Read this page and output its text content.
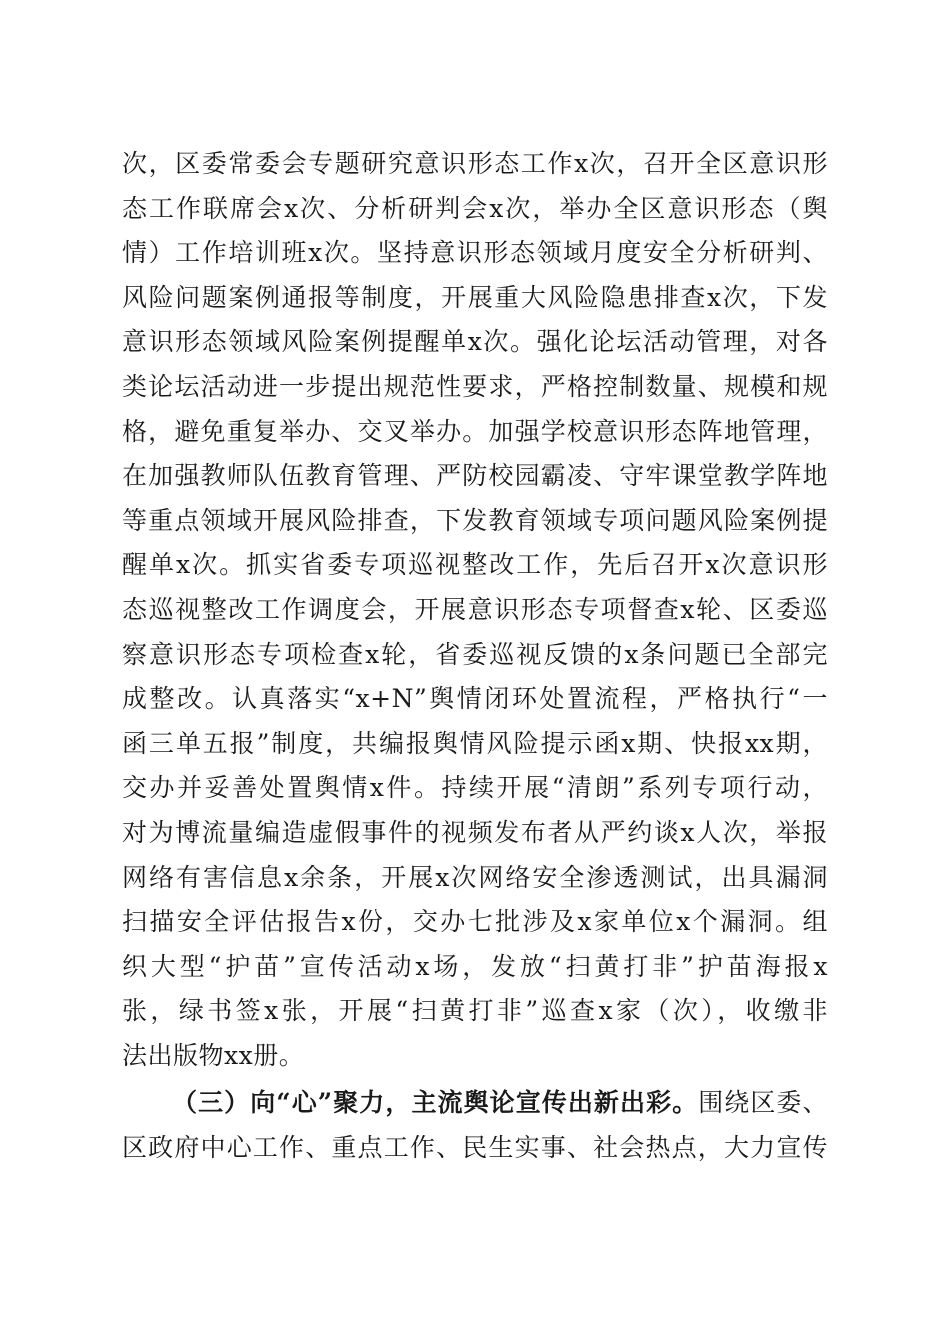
次，区委常委会专题研究意识形态工作x次，召开全区意识形
态工作联席会x次、分析研判会x次，举办全区意识形态（舆
情）工作培训班x次。坚持意识形态领域月度安全分析研判、
风险问题案例通报等制度，开展重大风险隐患排查x次，下发
意识形态领域风险案例提醒单x次。强化论坛活动管理，对各
类论坛活动进一步提出规范性要求，严格控制数量、规模和规
格，避免重复举办、交叉举办。加强学校意识形态阵地管理，
在加强教师队伍教育管理、严防校园霸凌、守牢课堂教学阵地
等重点领域开展风险排查，下发教育领域专项问题风险案例提
醒单x次。抓实省委专项巡视整改工作，先后召开x次意识形
态巡视整改工作调度会，开展意识形态专项督查x轮、区委巡
察意识形态专项检查x轮，省委巡视反馈的x条问题已全部完
成整改。认真落实“x+N”舆情闭环处置流程，严格执行“一
函三单五报”制度，共编报舆情风险提示函x期、快报xx期，
交办并妥善处置舆情x件。持续开展“清朗”系列专项行动，
对为博流量编造虚假事件的视频发布者从严约谈x人次，举报
网络有害信息x余条，开展x次网络安全渗透测试，出具漏洞
扫描安全评估报告x份，交办七批涉及x家单位x个漏洞。组
织大型“护苗”宣传活动x场，发放“扫黄打非”护苗海报x
张，绿书签x张，开展“扫黄打非”巡查x家（次），收缴非
法出版物xx册。
（三）向“心”聚力，主流舆论宣传出新出彩。围绕区委、
区政府中心工作、重点工作、民生实事、社会热点，大力宣传
